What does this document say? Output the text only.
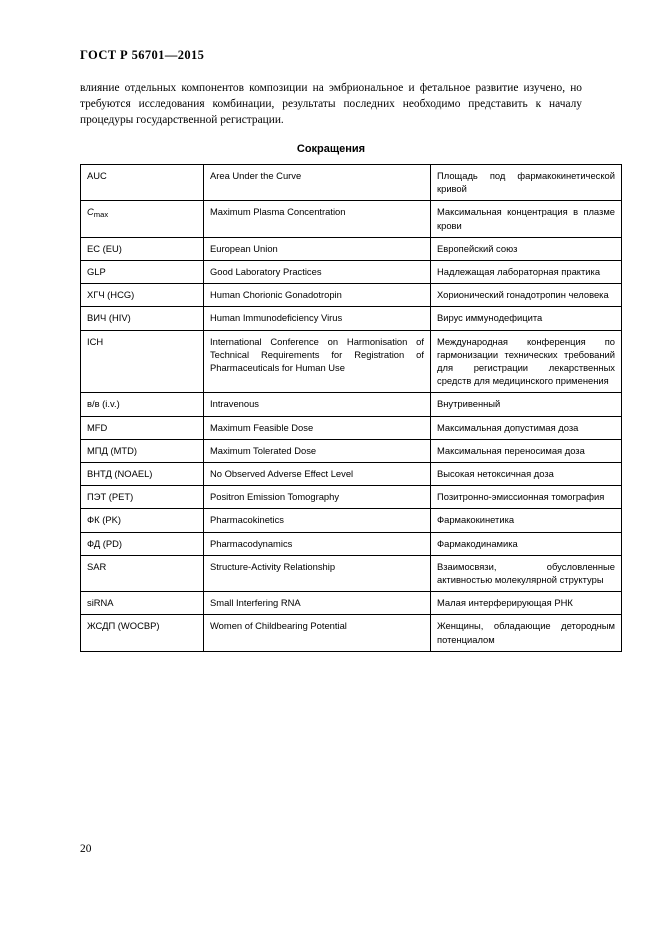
ГОСТ Р 56701—2015
влияние отдельных компонентов композиции на эмбриональное и фетальное развитие изучено, но требуются исследования комбинации, результаты последних необходимо представить к началу процедуры государственной регистрации.
Сокращения
AUC	Area Under the Curve	Площадь под фармакокинетической кривой

$C_{max}$	Maximum Plasma Concentration	Максимальная концентрация в плазме крови

EC (EU)	European Union	Европейский союз

GLP	Good Laboratory Practices	Надлежащая лабораторная практика

ХГЧ (HCG)	Human Chorionic Gonadotropin	Хорионический гонадотропин человека

ВИЧ (HIV)	Human Immunodeficiency Virus	Вирус иммунодефицита

ICH	International Conference on Harmonisation of Technical Requirements for Registration of Pharmaceuticals for Human Use	Международная конференция по гармонизации технических требований для регистрации лекарственных средств для медицинского применения

в/в (i.v.)	Intravenous	Внутривенный

MFD	Maximum Feasible Dose	Максимальная допустимая доза

МПД (MTD)	Maximum Tolerated Dose	Максимальная переносимая доза

ВНТД (NOAEL)	No Observed Adverse Effect Level	Высокая нетоксичная доза

ПЭТ (PET)	Positron Emission Tomography	Позитронно-эмиссионная томография

ФК (PK)	Pharmacokinetics	Фармакокинетика

ФД (PD)	Pharmacodynamics	Фармакодинамика

SAR	Structure-Activity Relationship	Взаимосвязи, обусловленные активностью молекулярной структуры

siRNA	Small Interfering RNA	Малая интерферирующая РНК

ЖСДП (WOCBP)	Women of Childbearing Potential	Женщины, обладающие детородным потенциалом
20
